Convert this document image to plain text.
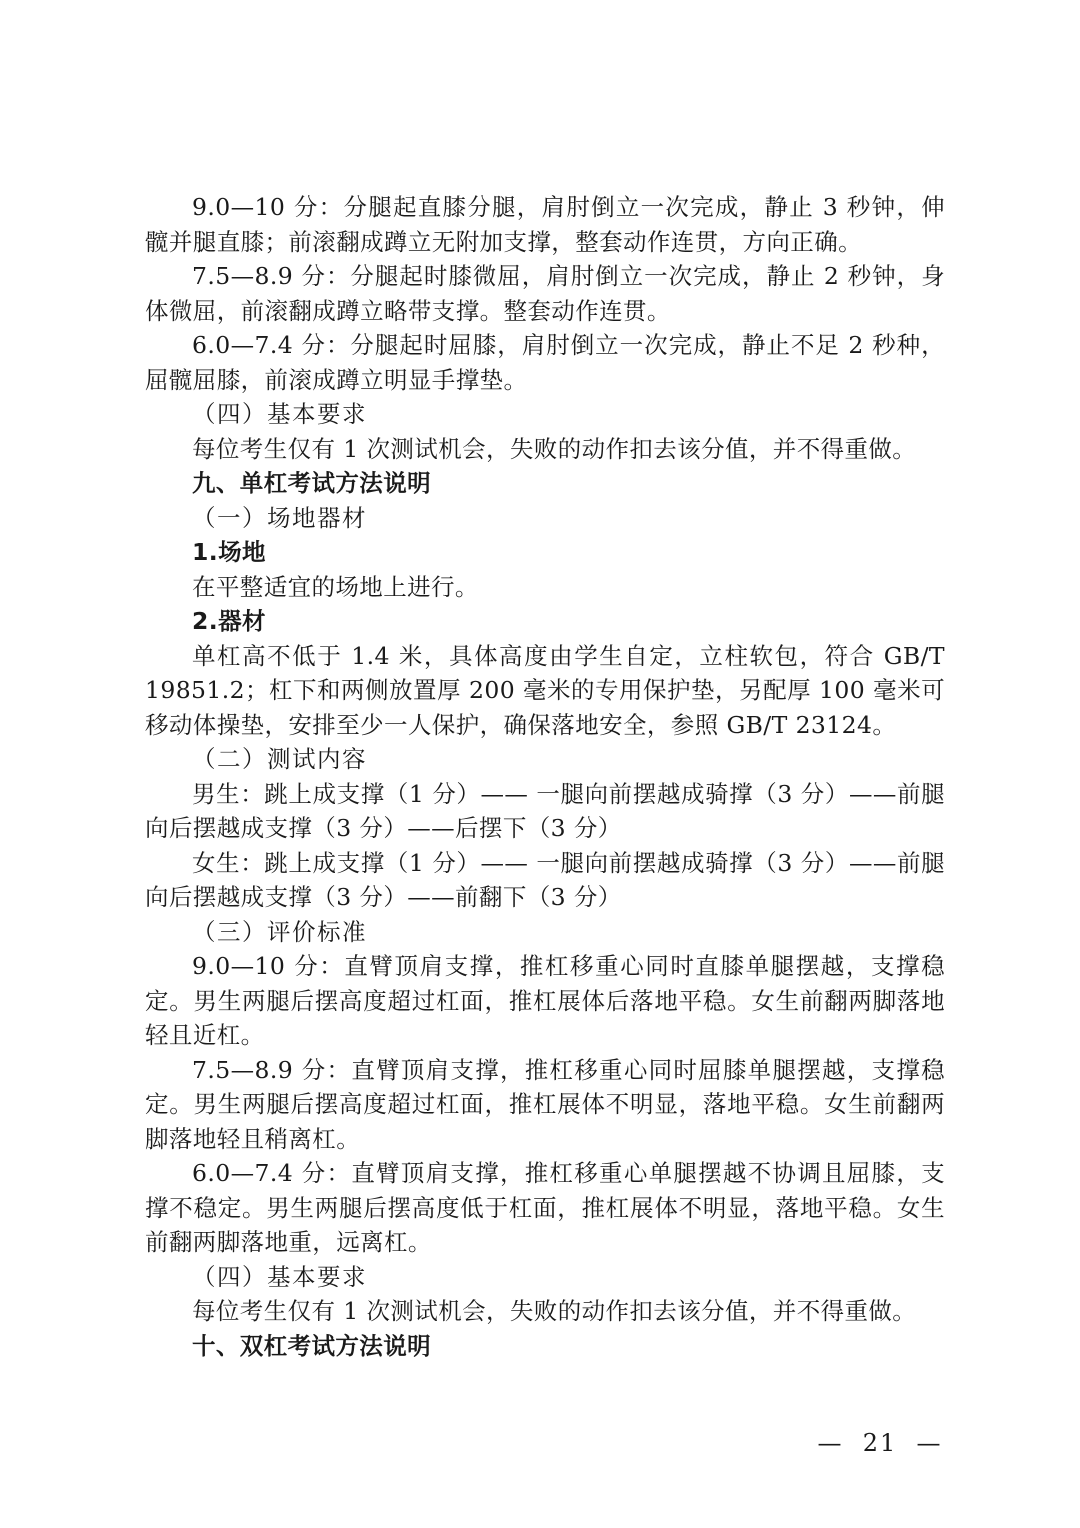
9.0—10 分：分腿起直膝分腿，肩肘倒立一次完成，静止 3 秒钟，伸髋并腿直膝；前滚翻成蹲立无附加支撑，整套动作连贯，方向正确。

7.5—8.9 分：分腿起时膝微屈，肩肘倒立一次完成，静止 2 秒钟，身体微屈，前滚翻成蹲立略带支撑。整套动作连贯。

6.0—7.4 分：分腿起时屈膝，肩肘倒立一次完成，静止不足 2 秒种，屈髋屈膝，前滚成蹲立明显手撑垫。

（四）基本要求

每位考生仅有 1 次测试机会，失败的动作扣去该分值，并不得重做。

九、单杠考试方法说明

（一）场地器材

1.场地

在平整适宜的场地上进行。

2.器材

单杠高不低于 1.4 米，具体高度由学生自定，立柱软包，符合 GB/T 19851.2；杠下和两侧放置厚 200 毫米的专用保护垫，另配厚 100 毫米可移动体操垫，安排至少一人保护，确保落地安全，参照 GB/T 23124。

（二）测试内容

男生：跳上成支撑（1 分）—— 一腿向前摆越成骑撑（3 分）——前腿向后摆越成支撑（3 分）——后摆下（3 分）

女生：跳上成支撑（1 分）—— 一腿向前摆越成骑撑（3 分）——前腿向后摆越成支撑（3 分）——前翻下（3 分）

（三）评价标准

9.0—10 分：直臂顶肩支撑，推杠移重心同时直膝单腿摆越，支撑稳定。男生两腿后摆高度超过杠面，推杠展体后落地平稳。女生前翻两脚落地轻且近杠。

7.5—8.9 分：直臂顶肩支撑，推杠移重心同时屈膝单腿摆越，支撑稳定。男生两腿后摆高度超过杠面，推杠展体不明显，落地平稳。女生前翻两脚落地轻且稍离杠。

6.0—7.4 分：直臂顶肩支撑，推杠移重心单腿摆越不协调且屈膝，支撑不稳定。男生两腿后摆高度低于杠面，推杠展体不明显，落地平稳。女生前翻两脚落地重，远离杠。

（四）基本要求

每位考生仅有 1 次测试机会，失败的动作扣去该分值，并不得重做。

十、双杠考试方法说明

—  21  —
